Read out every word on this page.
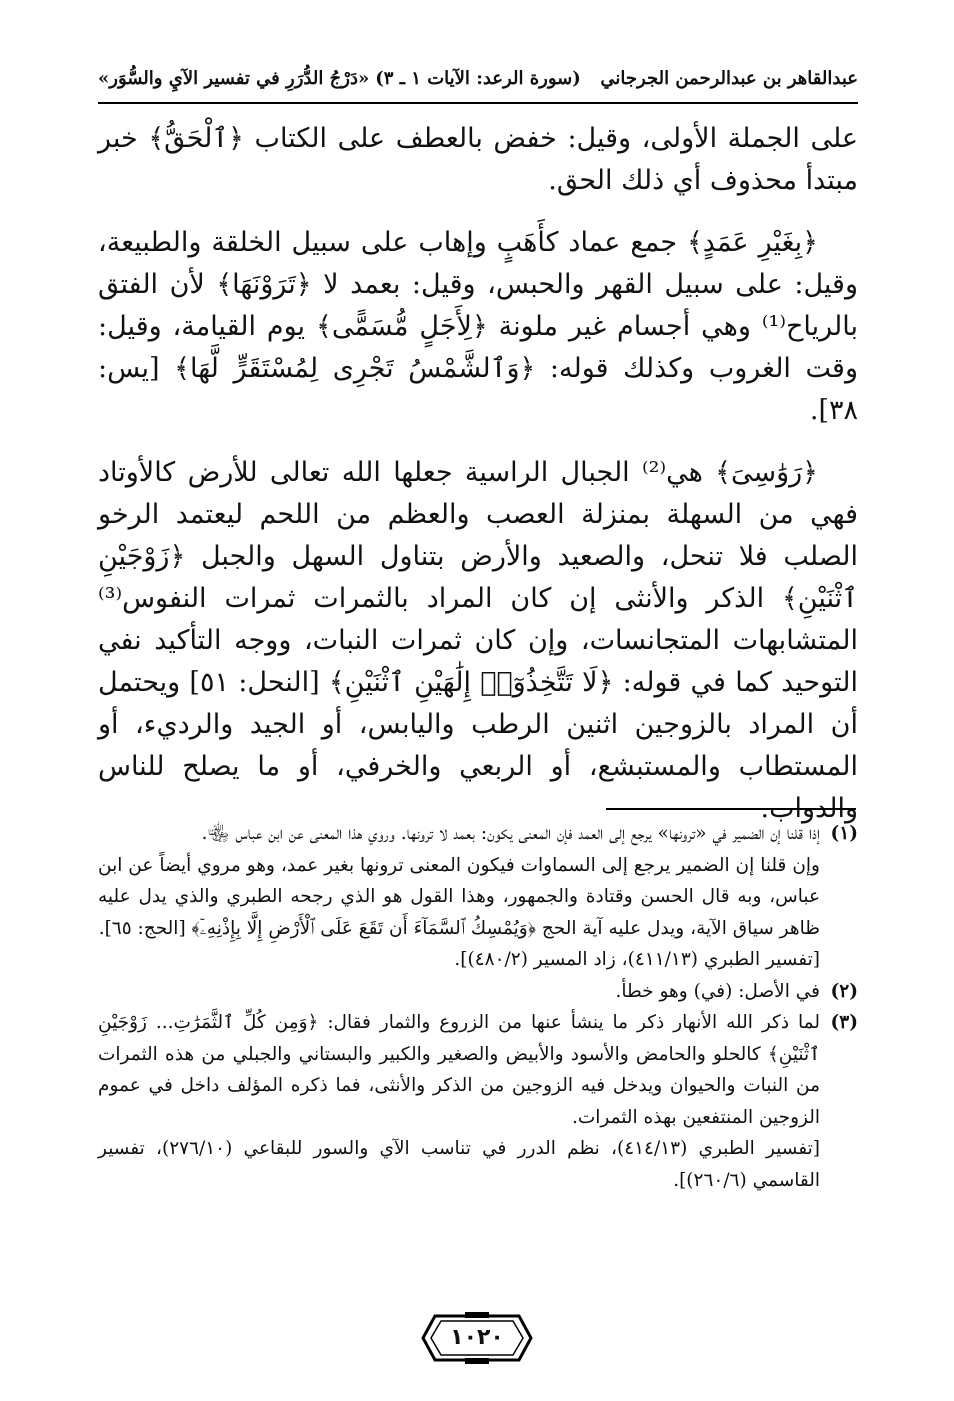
عبدالقاهر بن عبدالرحمن الجرجاني
(سورة الرعد: الآيات ١ ـ ٣)
«دَرْجُ الدُّرَرِ في تفسير الآيِ والسُّوَر»

على الجملة الأولى، وقيل: خفض بالعطف على الكتاب ﴿ٱلْحَقُّ﴾ خبر مبتدأ محذوف أي ذلك الحق.

﴿بِغَيْرِ عَمَدٍ﴾ جمع عماد كأَهَبٍ وإهاب على سبيل الخلقة والطبيعة، وقيل: على سبيل القهر والحبس، وقيل: بعمد لا ﴿تَرَوْنَهَا﴾ لأن الفتق بالرياح⁽¹⁾ وهي أجسام غير ملونة ﴿لِأَجَلٍ مُّسَمًّى﴾ يوم القيامة، وقيل: وقت الغروب وكذلك قوله: ﴿وَٱلشَّمْسُ تَجْرِى لِمُسْتَقَرٍّ لَّهَا﴾ [يس: ٣٨].

﴿رَوَٰسِىَ﴾ هي⁽²⁾ الجبال الراسية جعلها الله تعالى للأرض كالأوتاد فهي من السهلة بمنزلة العصب والعظم من اللحم ليعتمد الرخو الصلب فلا تنحل، والصعيد والأرض بتناول السهل والجبل ﴿زَوْجَيْنِ ٱثْنَيْنِ﴾ الذكر والأنثى إن كان المراد بالثمرات ثمرات النفوس⁽³⁾ المتشابهات المتجانسات، وإن كان ثمرات النبات، ووجه التأكيد نفي التوحيد كما في قوله: ﴿لَا تَتَّخِذُوٓا۟ إِلَٰهَيْنِ ٱثْنَيْنِ﴾ [النحل: ٥١] ويحتمل أن المراد بالزوجين اثنين الرطب واليابس، أو الجيد والرديء، أو المستطاب والمستبشع، أو الربعي والخرفي، أو ما يصلح للناس والدواب.

(١)

إذا قلنا إن الضمير في «ترونها» يرجع إلى العمد فإن المعنى يكون: بعمد لا ترونها. وروي هذا المعنى عن ابن عباس ﵄.

وإن قلنا إن الضمير يرجع إلى السماوات فيكون المعنى ترونها بغير عمد، وهو مروي أيضاً عن ابن عباس، وبه قال الحسن وقتادة والجمهور، وهذا القول هو الذي رجحه الطبري والذي يدل عليه ظاهر سياق الآية، ويدل عليه آية الحج ﴿وَيُمْسِكُ ٱلسَّمَآءَ أَن تَقَعَ عَلَى ٱلْأَرْضِ إِلَّا بِإِذْنِهِۦٓ﴾ [الحج: ٦٥].

[تفسير الطبري (٤١١/١٣)، زاد المسير (٤٨٠/٢)].

(٢)

في الأصل: (في) وهو خطأ.

(٣)

لما ذكر الله الأنهار ذكر ما ينشأ عنها من الزروع والثمار فقال: ﴿وَمِن كُلِّ ٱلثَّمَرَٰتِ... زَوْجَيْنِ ٱثْنَيْنِ﴾ كالحلو والحامض والأسود والأبيض والصغير والكبير والبستاني والجبلي من هذه الثمرات من النبات والحيوان ويدخل فيه الزوجين من الذكر والأنثى، فما ذكره المؤلف داخل في عموم الزوجين المنتفعين بهذه الثمرات.

[تفسير الطبري (٤١٤/١٣)، نظم الدرر في تناسب الآي والسور للبقاعي (٢٧٦/١٠)، تفسير القاسمي (٢٦٠/٦)].

١٠٢٠
